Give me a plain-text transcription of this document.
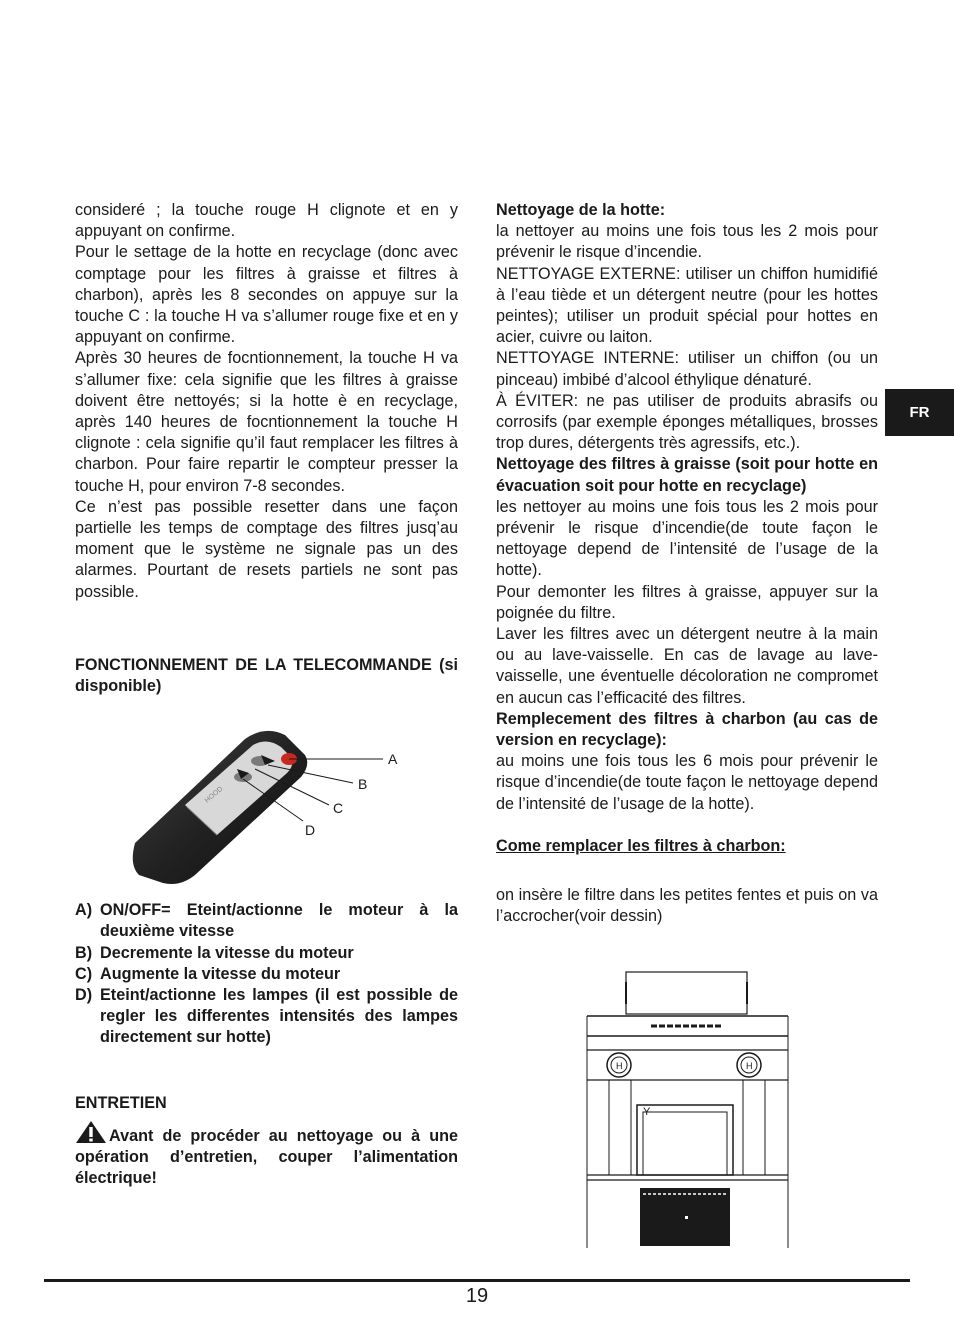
consideré ; la touche rouge H clignote et en y appuyant on confirme.

Pour le settage de la hotte en recyclage (donc avec comptage pour les filtres à graisse et filtres à charbon), après les 8 secondes on appuye sur la touche C : la touche H va s’allumer rouge fixe et en y appuyant on confirme.

Après 30 heures de focntionnement, la touche H va s’allumer fixe: cela signifie que les filtres à graisse doivent être nettoyés; si la hotte è en recyclage, après 140 heures de focntionnement la touche H clignote : cela signifie qu’il faut remplacer les filtres à charbon. Pour faire repartir le compteur presser la touche H, pour environ 7-8 secondes.

Ce n’est pas possible resetter dans une façon partielle les temps de comptage des filtres jusq’au moment que le système ne signale pas un des alarmes. Pourtant de resets partiels ne sont pas possible.

FONCTIONNEMENT DE LA TELECOMMANDE (si disponible)

A) ON/OFF= Eteint/actionne le moteur à la deuxième vitesse
B) Decremente la vitesse du moteur
C) Augmente la vitesse du moteur
D) Eteint/actionne les lampes (il est possible de regler les differentes intensités des lampes directement sur hotte)

ENTRETIEN

Avant de procéder au nettoyage ou à une opération d’entretien, couper l’alimentation électrique!

HOOD
A
B
C
D

Nettoyage de la hotte:

la nettoyer au moins une fois tous les 2 mois pour prévenir le risque d’incendie.

NETTOYAGE EXTERNE: utiliser un chiffon humidifié à l’eau tiède et un détergent neutre (pour les hottes peintes); utiliser un produit spécial pour hottes en acier, cuivre ou laiton.

NETTOYAGE INTERNE: utiliser un chiffon (ou un pinceau) imbibé d’alcool éthylique dénaturé.

À ÉVITER: ne pas utiliser de produits abrasifs ou corrosifs (par exemple éponges métalliques, brosses trop dures, détergents très agressifs, etc.).

Nettoyage des filtres à graisse (soit pour hotte en évacuation soit pour hotte en recyclage)

les nettoyer au moins une fois tous les 2 mois pour prévenir le risque d’incendie(de toute façon le nettoyage depend de l’intensité de l’usage de la hotte).

Pour demonter les filtres à graisse, appuyer sur la poignée du filtre.

Laver les filtres avec un détergent neutre à la main ou au lave-vaisselle. En cas de lavage au lave-vaisselle, une éventuelle décoloration ne compromet en aucun cas l’efficacité des filtres.

Remplecement des filtres à charbon (au cas de version en recyclage):

au moins une fois tous les 6 mois pour prévenir le risque d’incendie(de toute façon le nettoyage depend de l’intensité de l’usage de la hotte).

Come remplacer les filtres à charbon:

on insère le filtre dans les petites fentes et puis on va l’accrocher(voir dessin)

H	H
Y
FR
19
